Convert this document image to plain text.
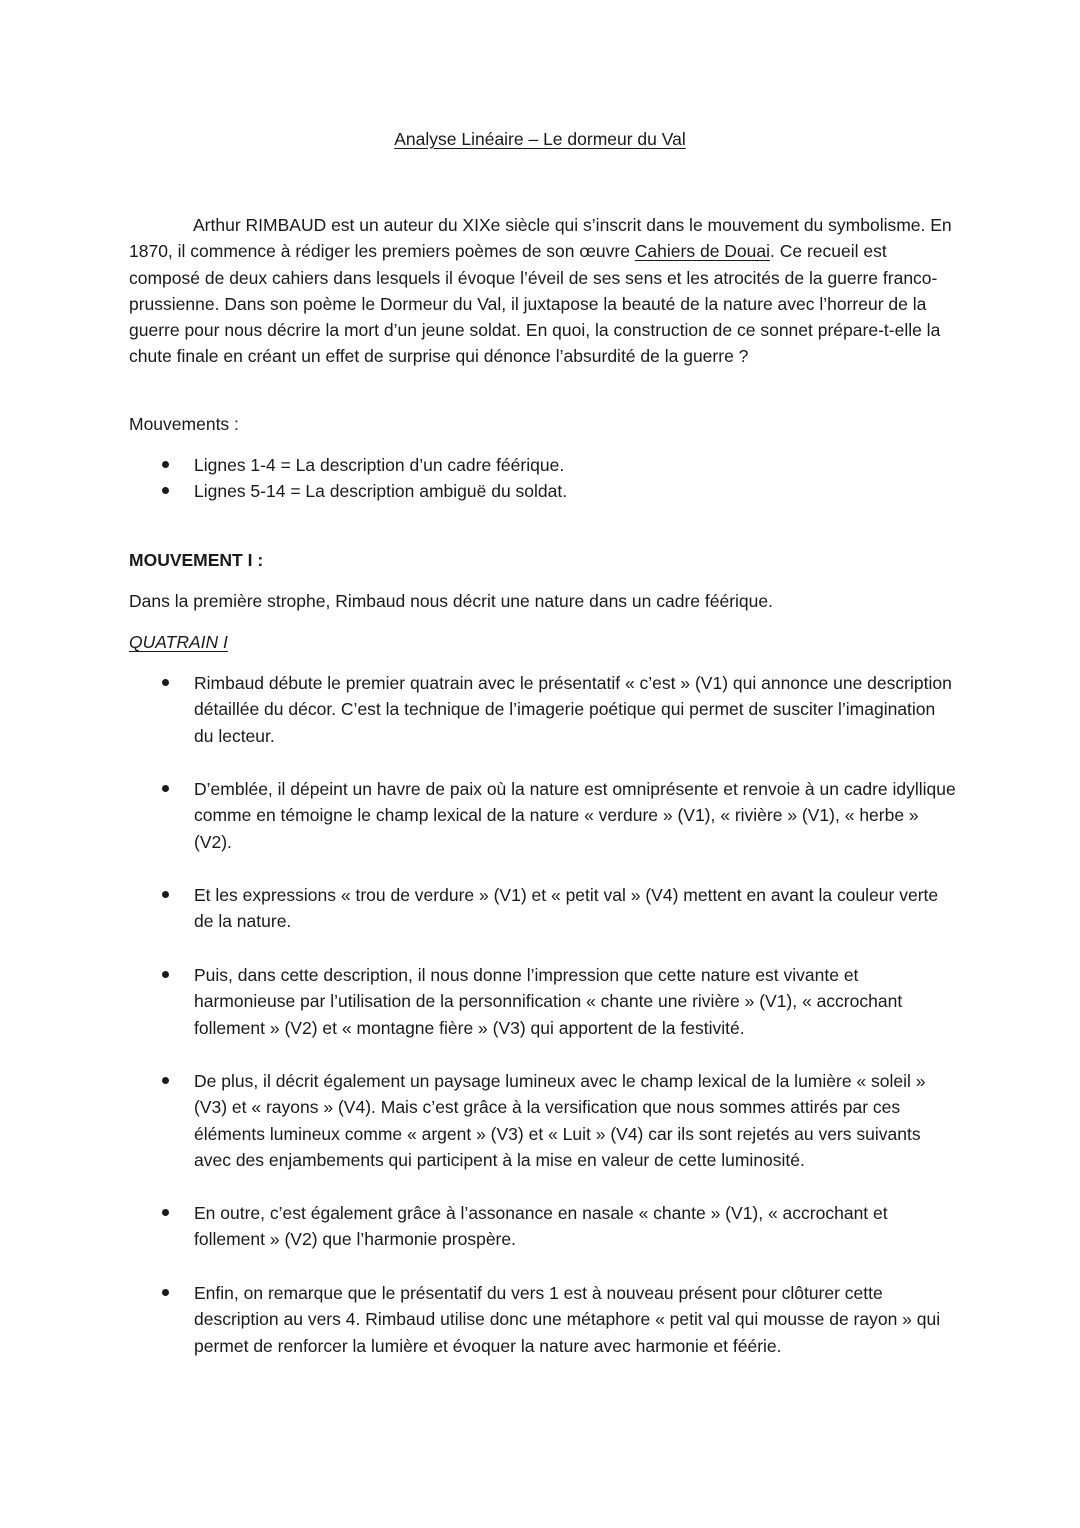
Analyse Linéaire – Le dormeur du Val

Arthur RIMBAUD est un auteur du XIXe siècle qui s’inscrit dans le mouvement du symbolisme. En 1870, il commence à rédiger les premiers poèmes de son œuvre Cahiers de Douai. Ce recueil est composé de deux cahiers dans lesquels il évoque l’éveil de ses sens et les atrocités de la guerre franco-prussienne. Dans son poème le Dormeur du Val, il juxtapose la beauté de la nature avec l’horreur de la guerre pour nous décrire la mort d’un jeune soldat. En quoi, la construction de ce sonnet prépare-t-elle la chute finale en créant un effet de surprise qui dénonce l’absurdité de la guerre ?

Mouvements :

Lignes 1-4 = La description d’un cadre féérique.
Lignes 5-14 = La description ambiguë du soldat.

MOUVEMENT I :

Dans la première strophe, Rimbaud nous décrit une nature dans un cadre féérique.

QUATRAIN I

Rimbaud débute le premier quatrain avec le présentatif « c’est » (V1) qui annonce une description détaillée du décor. C’est la technique de l’imagerie poétique qui permet de susciter l’imagination du lecteur.
D’emblée, il dépeint un havre de paix où la nature est omniprésente et renvoie à un cadre idyllique comme en témoigne le champ lexical de la nature « verdure » (V1), « rivière » (V1), « herbe » (V2).
Et les expressions « trou de verdure » (V1) et « petit val » (V4) mettent en avant la couleur verte de la nature.
Puis, dans cette description, il nous donne l’impression que cette nature est vivante et harmonieuse par l’utilisation de la personnification « chante une rivière » (V1), « accrochant follement » (V2) et « montagne fière » (V3) qui apportent de la festivité.
De plus, il décrit également un paysage lumineux avec le champ lexical de la lumière « soleil » (V3) et « rayons » (V4). Mais c’est grâce à la versification que nous sommes attirés par ces éléments lumineux comme « argent » (V3) et « Luit » (V4) car ils sont rejetés au vers suivants avec des enjambements qui participent à la mise en valeur de cette luminosité.
En outre, c’est également grâce à l’assonance en nasale « chante » (V1), « accrochant et follement » (V2) que l’harmonie prospère.
Enfin, on remarque que le présentatif du vers 1 est à nouveau présent pour clôturer cette description au vers 4. Rimbaud utilise donc une métaphore « petit val qui mousse de rayon » qui permet de renforcer la lumière et évoquer la nature avec harmonie et féérie.
